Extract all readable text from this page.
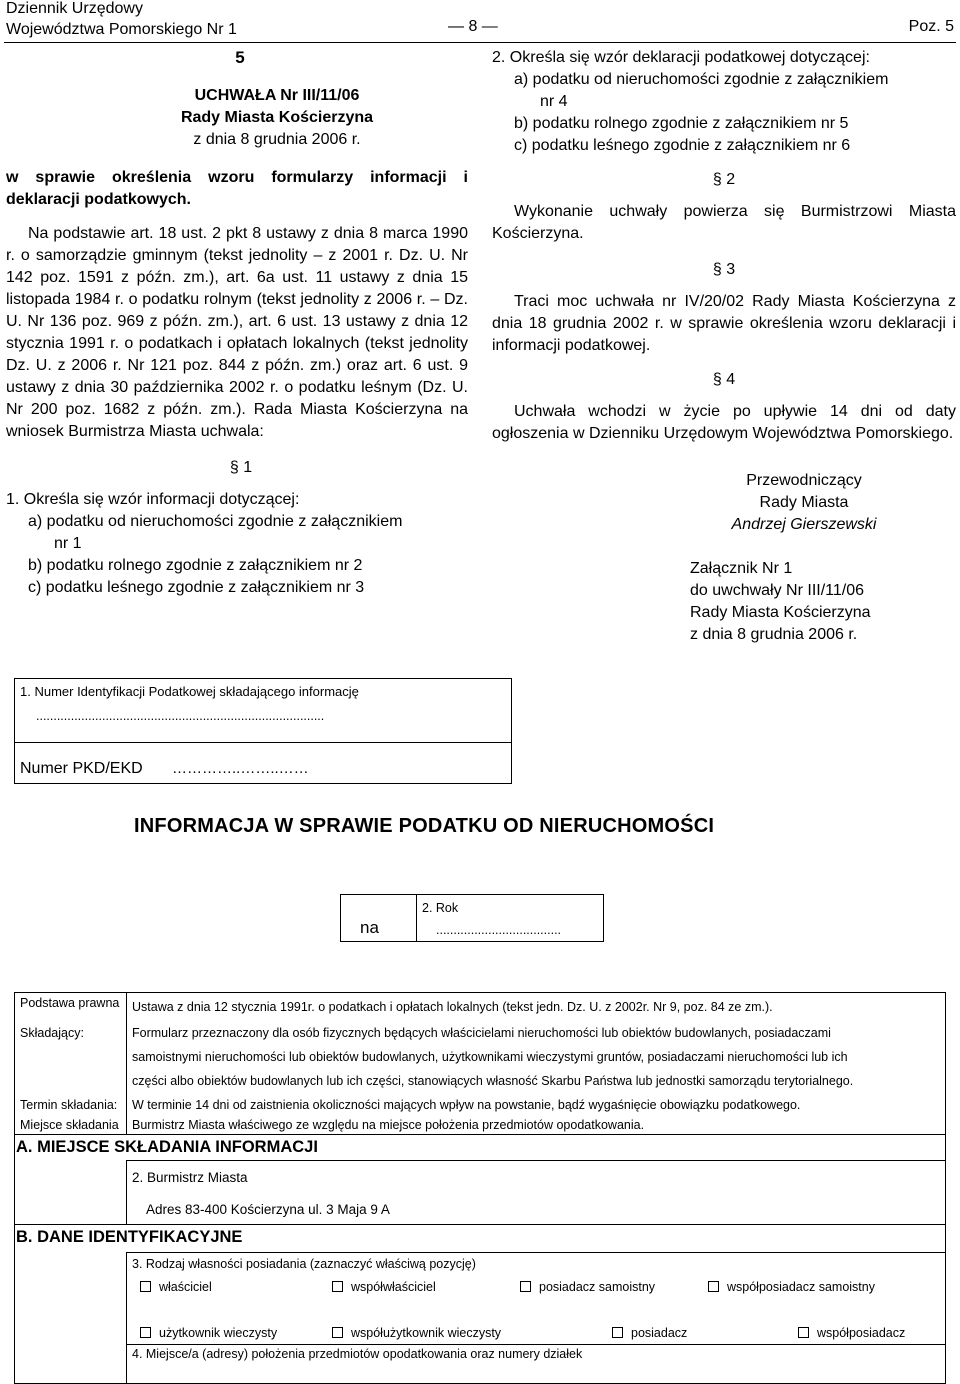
Dziennik Urzędowy
Województwa Pomorskiego Nr 1	— 8 —	Poz. 5
5
UCHWAŁA Nr III/11/06
Rady Miasta Kościerzyna
z dnia 8 grudnia 2006 r.
w sprawie określenia wzoru formularzy informacji i deklaracji podatkowych.
Na podstawie art. 18 ust. 2 pkt 8 ustawy z dnia 8 marca 1990 r. o samorządzie gminnym (tekst jednolity – z 2001 r. Dz. U. Nr 142 poz. 1591 z późn. zm.), art. 6a ust. 11 ustawy z dnia 15 listopada 1984 r. o podatku rolnym (tekst jednolity z 2006 r. – Dz. U. Nr 136 poz. 969 z późn. zm.), art. 6 ust. 13 ustawy z dnia 12 stycznia 1991 r. o podatkach i opłatach lokalnych (tekst jednolity Dz. U. z 2006 r. Nr 121 poz. 844 z późn. zm.) oraz art. 6 ust. 9 ustawy z dnia 30 października 2002 r. o podatku leśnym (Dz. U. Nr 200 poz. 1682 z późn. zm.). Rada Miasta Kościerzyna na wniosek Burmistrza Miasta uchwala:
§ 1
1. Określa się wzór informacji dotyczącej:
a) podatku od nieruchomości zgodnie z załącznikiem
nr 1
b) podatku rolnego zgodnie z załącznikiem nr 2
c) podatku leśnego zgodnie z załącznikiem nr 3
2. Określa się wzór deklaracji podatkowej dotyczącej:
a) podatku od nieruchomości zgodnie z załącznikiem
nr 4
b) podatku rolnego zgodnie z załącznikiem nr 5
c) podatku leśnego zgodnie z załącznikiem nr 6
§ 2
Wykonanie uchwały powierza się Burmistrzowi Miasta Kościerzyna.
§ 3
Traci moc uchwała nr IV/20/02 Rady Miasta Kościerzyna z dnia 18 grudnia 2002 r. w sprawie określenia wzoru deklaracji i informacji podatkowej.
§ 4
Uchwała wchodzi w życie po upływie 14 dni od daty ogłoszenia w Dzienniku Urzędowym Województwa Pomorskiego.
Przewodniczący
Rady Miasta
Andrzej Gierszewski
Załącznik Nr 1
do uwchwały Nr III/11/06
Rady Miasta Kościerzyna
z dnia 8 grudnia 2006 r.
1. Numer Identyfikacji Podatkowej składającego informację
...................................................................................
Numer PKD/EKD …………..……..……
INFORMACJA W SPRAWIE PODATKU OD NIERUCHOMOŚCI
na
2. Rok
....................................
Podstawa prawna Ustawa z dnia 12 stycznia 1991r. o podatkach i opłatach lokalnych (tekst jedn. Dz. U. z 2002r. Nr 9, poz. 84 ze zm.).
Składający:	Formularz przeznaczony dla osób fizycznych będących właścicielami nieruchomości lub obiektów budowlanych, posiadaczami
samoistnymi nieruchomości lub obiektów budowlanych, użytkownikami wieczystymi gruntów, posiadaczami nieruchomości lub ich
części albo obiektów budowlanych lub ich części, stanowiących własność Skarbu Państwa lub jednostki samorządu terytorialnego.
Termin składania: W terminie 14 dni od zaistnienia okoliczności mających wpływ na powstanie, bądź wygaśnięcie obowiązku podatkowego.
Miejsce składania Burmistrz Miasta właściwego ze względu na miejsce położenia przedmiotów opodatkowania.
A. MIEJSCE SKŁADANIA INFORMACJI
2. Burmistrz Miasta
Adres 83-400 Kościerzyna ul. 3 Maja 9 A
B. DANE IDENTYFIKACYJNE
3. Rodzaj własności posiadania (zaznaczyć właściwą pozycję)
właściciel	współwłaściciel	posiadacz samoistny	współposiadacz samoistny
użytkownik wieczysty	współużytkownik wieczysty	posiadacz	współposiadacz
4. Miejsce/a (adresy) położenia przedmiotów opodatkowania oraz numery działek
